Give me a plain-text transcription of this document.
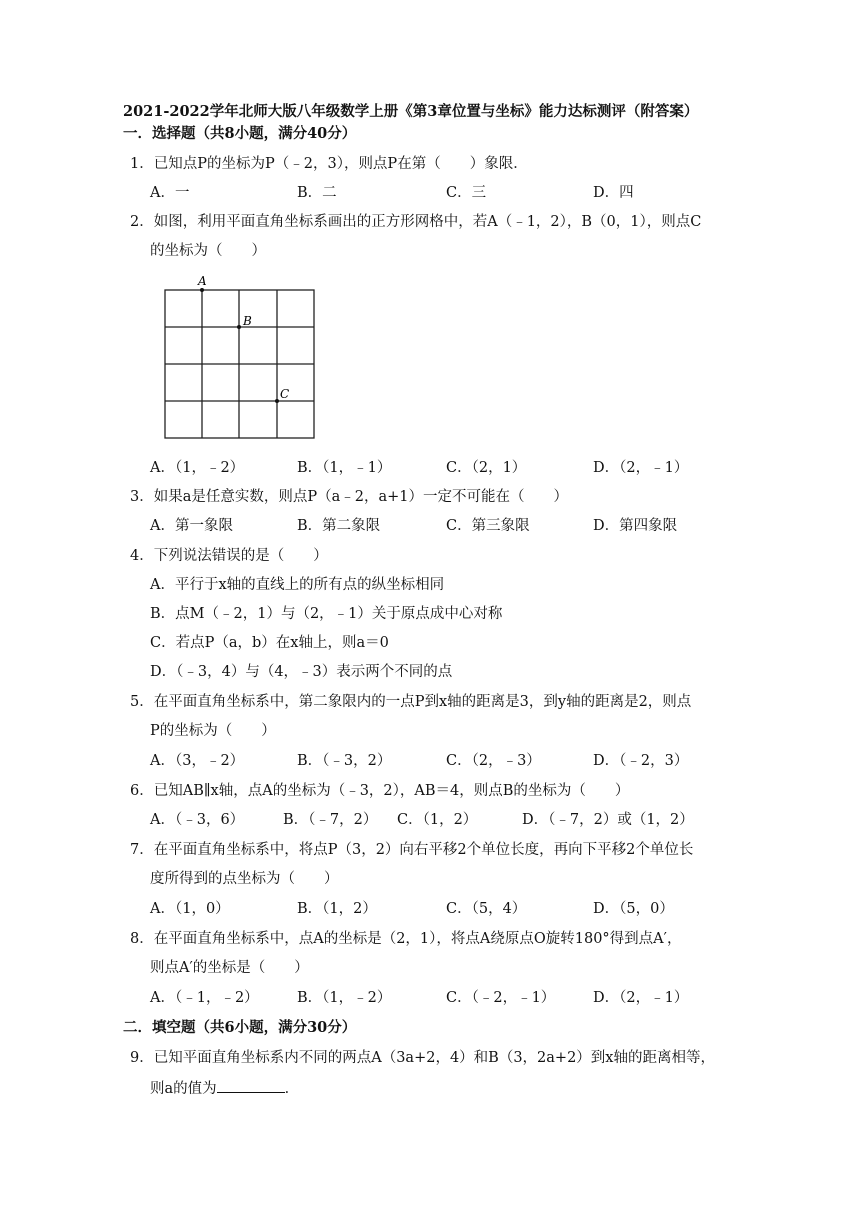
2021-2022学年北师大版八年级数学上册《第3章位置与坐标》能力达标测评（附答案）
一．选择题（共8小题，满分40分）
1．已知点P的坐标为P（﹣2，3），则点P在第（　　）象限．
A．一	B．二	C．三	D．四
2．如图，利用平面直角坐标系画出的正方形网格中，若A（﹣1，2），B（0，1），则点C
的坐标为（　　）
A
B
C
A．（1，﹣2）	B．（1，﹣1）	C．（2，1）	D．（2，﹣1）
3．如果a是任意实数，则点P（a﹣2，a+1）一定不可能在（　　）
A．第一象限	B．第二象限	C．第三象限	D．第四象限
4．下列说法错误的是（　　）
A．平行于x轴的直线上的所有点的纵坐标相同
B．点M（﹣2，1）与（2，﹣1）关于原点成中心对称
C．若点P（a，b）在x轴上，则a＝0
D．（﹣3，4）与（4，﹣3）表示两个不同的点
5．在平面直角坐标系中，第二象限内的一点P到x轴的距离是3，到y轴的距离是2，则点
P的坐标为（　　）
A．（3，﹣2）	B．（﹣3，2）	C．（2，﹣3）	D．（﹣2，3）
6．已知AB∥x轴，点A的坐标为（﹣3，2），AB＝4，则点B的坐标为（　　）
A．（﹣3，6）	B．（﹣7，2） C．（1，2）	D．（﹣7，2）或（1，2）
7．在平面直角坐标系中，将点P（3，2）向右平移2个单位长度，再向下平移2个单位长
度所得到的点坐标为（　　）
A．（1，0）	B．（1，2）	C．（5，4）	D．（5，0）
8．在平面直角坐标系中，点A的坐标是（2，1），将点A绕原点O旋转180°得到点A′，
则点A′的坐标是（　　）
A．（﹣1，﹣2）	B．（1，﹣2）	C．（﹣2，﹣1）	D．（2，﹣1）
二．填空题（共6小题，满分30分）
9．已知平面直角坐标系内不同的两点A（3a+2，4）和B（3，2a+2）到x轴的距离相等，
则a的值为	．
